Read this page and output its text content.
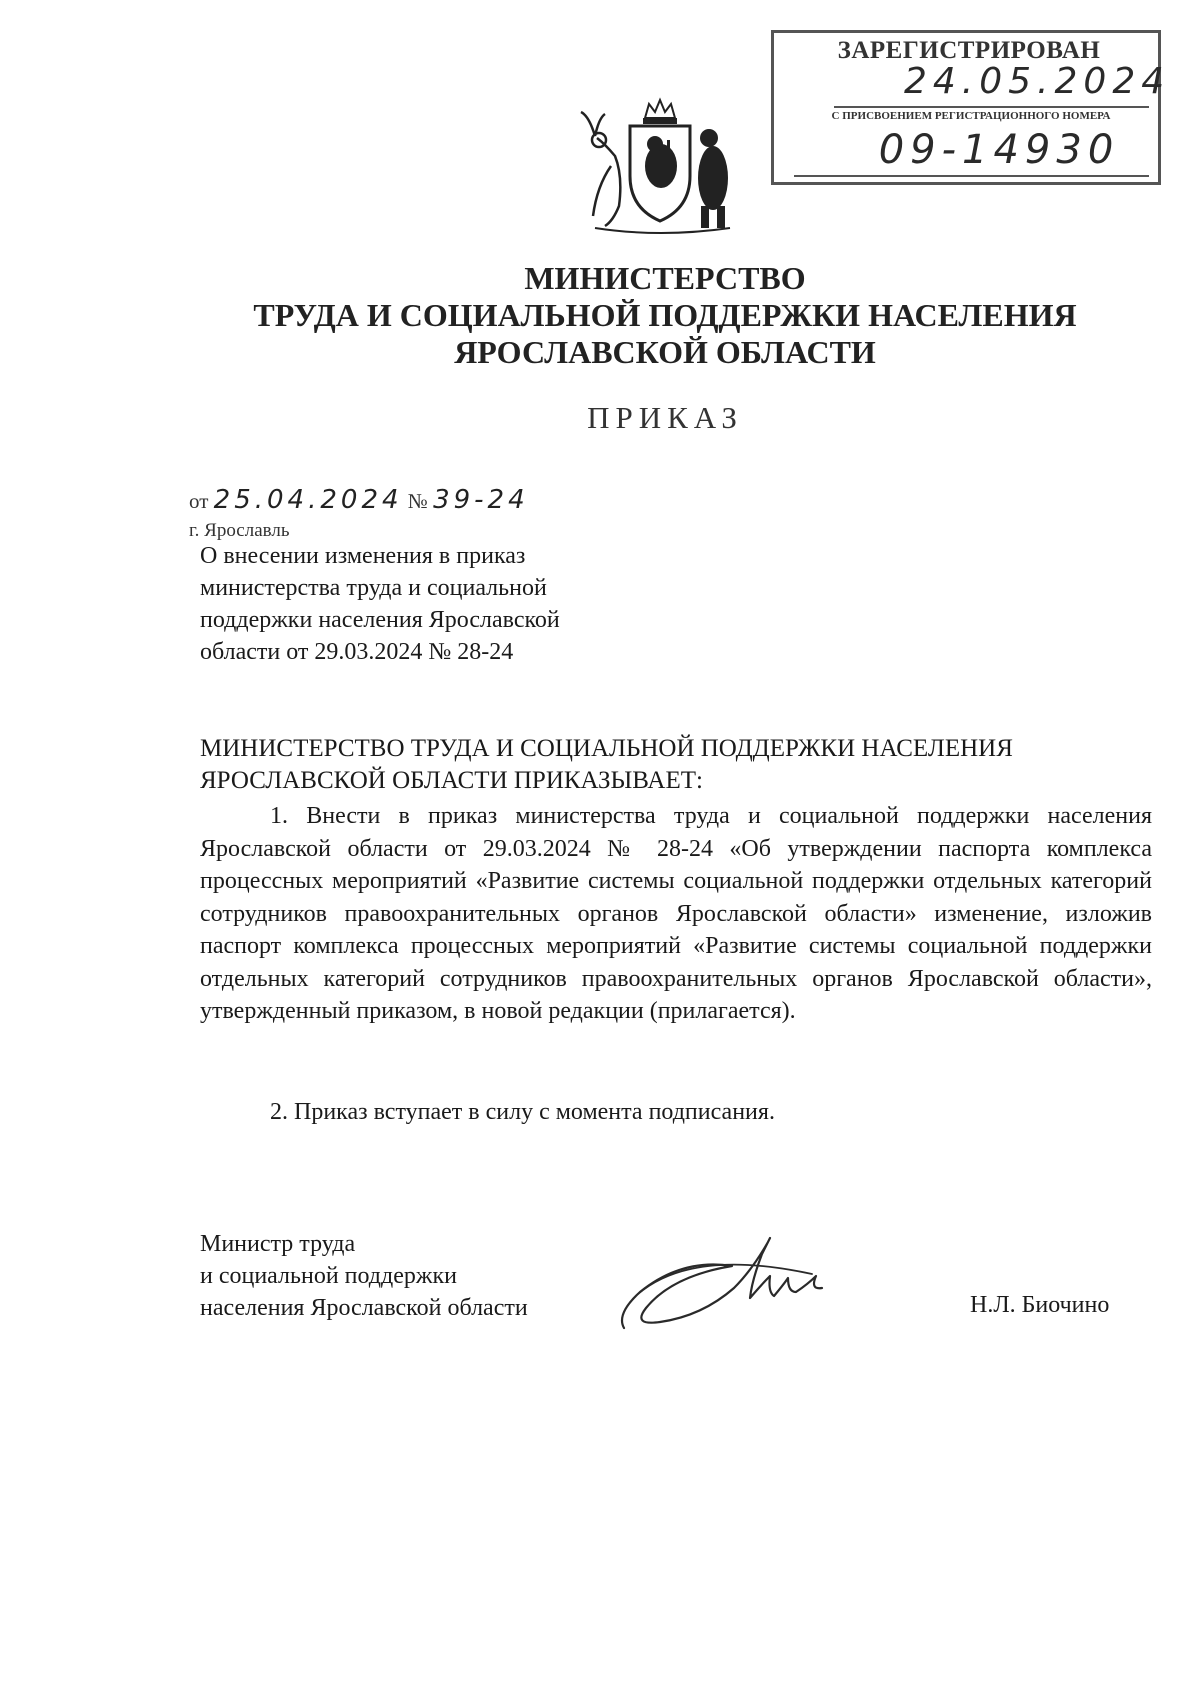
ЗАРЕГИСТРИРОВАН
24.05.2024
С ПРИСВОЕНИЕМ РЕГИСТРАЦИОННОГО НОМЕРА
09-14930
МИНИСТЕРСТВО
ТРУДА И СОЦИАЛЬНОЙ ПОДДЕРЖКИ НАСЕЛЕНИЯ
ЯРОСЛАВСКОЙ ОБЛАСТИ
ПРИКАЗ
от 25.04.2024 № 39-24
г. Ярославль
О внесении изменения в приказ
министерства труда и социальной
поддержки населения Ярославской
области от 29.03.2024 № 28-24
МИНИСТЕРСТВО ТРУДА И СОЦИАЛЬНОЙ ПОДДЕРЖКИ НАСЕЛЕНИЯ
ЯРОСЛАВСКОЙ ОБЛАСТИ ПРИКАЗЫВАЕТ:
1. Внести в приказ министерства труда и социальной поддержки населения Ярославской области от 29.03.2024 № 28-24 «Об утверждении паспорта комплекса процессных мероприятий «Развитие системы социальной поддержки отдельных категорий сотрудников правоохранительных органов Ярославской области» изменение, изложив паспорт комплекса процессных мероприятий «Развитие системы социальной поддержки отдельных категорий сотрудников правоохранительных органов Ярославской области», утвержденный приказом, в новой редакции (прилагается).
2. Приказ вступает в силу с момента подписания.
Министр труда
и социальной поддержки
населения Ярославской области	Н.Л. Биочино
